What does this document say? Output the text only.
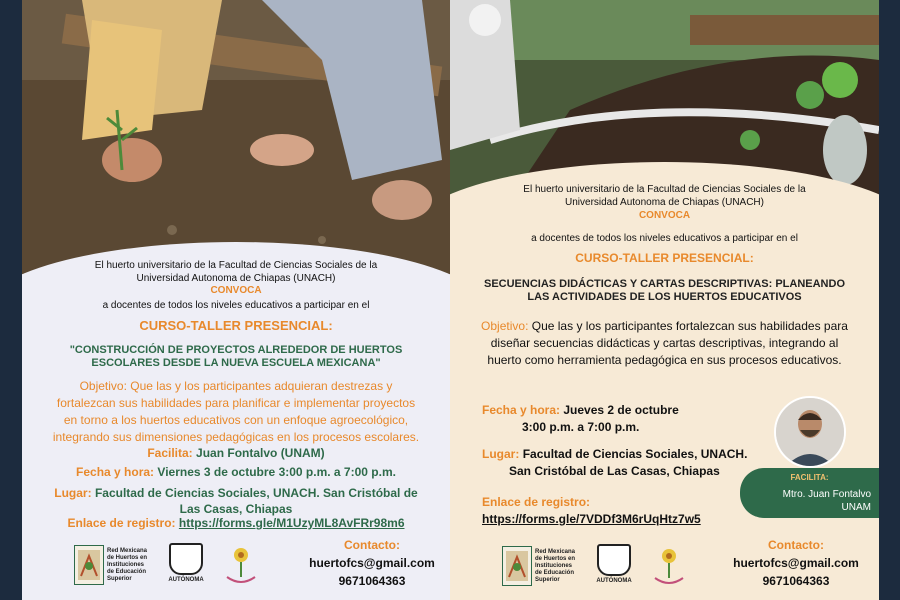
El huerto universitario de la Facultad de Ciencias Sociales de la
Universidad Autonoma de Chiapas (UNACH)
CONVOCA
a docentes de todos los niveles educativos a participar en el
CURSO-TALLER PRESENCIAL:
"CONSTRUCCIÓN DE PROYECTOS ALREDEDOR DE HUERTOS
ESCOLARES DESDE LA NUEVA ESCUELA MEXICANA"
Objetivo: Que las y los participantes adquieran destrezas y
fortalezcan sus habilidades para planificar e implementar proyectos
en torno a los huertos educativos con un enfoque agroecológico,
integrando sus dimensiones pedagógicas en los procesos escolares.
Facilita: Juan Fontalvo (UNAM)
Fecha y hora: Viernes 3 de octubre 3:00 p.m. a 7:00 p.m.
Lugar: Facultad de Ciencias Sociales, UNACH. San Cristóbal de
Las Casas, Chiapas
Enlace de registro: https://forms.gle/M1UzyML8AvFRr98m6
Red Mexicana de Huertos en Instituciones de Educación Superior	AUTÓNOMA
Contacto:
huertofcs@gmail.com
9671064363
El huerto universitario de la Facultad de Ciencias Sociales de la
Universidad Autonoma de Chiapas (UNACH)
CONVOCA
a docentes de todos los niveles educativos a participar en el
CURSO-TALLER PRESENCIAL:
SECUENCIAS DIDÁCTICAS Y CARTAS DESCRIPTIVAS: PLANEANDO
LAS ACTIVIDADES DE LOS HUERTOS EDUCATIVOS
Objetivo: Que las y los participantes fortalezcan sus habilidades para
diseñar secuencias didácticas y cartas descriptivas, integrando al
huerto como herramienta pedagógica en sus procesos educativos.
Fecha y hora: Jueves 2 de octubre
3:00 p.m. a 7:00 p.m.
Lugar: Facultad de Ciencias Sociales, UNACH.
San Cristóbal de Las Casas, Chiapas
Enlace de registro:
https://forms.gle/7VDDf3M6rUqHtz7w5
FACILITA:
Mtro. Juan Fontalvo
UNAM
Red Mexicana de Huertos en Instituciones de Educación Superior	AUTÓNOMA
Contacto:
huertofcs@gmail.com
9671064363
